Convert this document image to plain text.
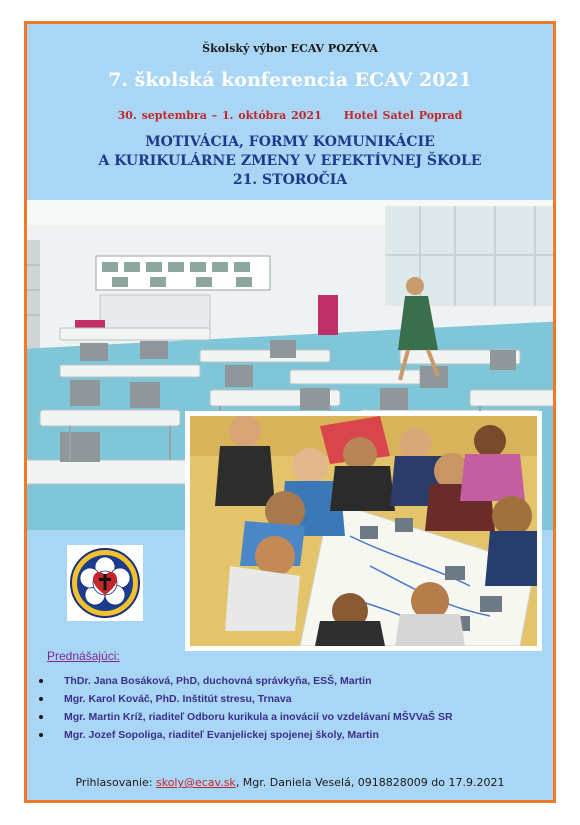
Školský výbor ECAV POZÝVA
7. školská konferencia ECAV 2021
30. septembra – 1. októbra 2021 Hotel Satel Poprad
MOTIVÁCIA, FORMY KOMUNIKÁCIE
A KURIKULÁRNE ZMENY V EFEKTÍVNEJ ŠKOLE
21. STOROČIA
Prednášajúci:
ThDr. Jana Bosáková, PhD, duchovná správkyňa, ESŠ, Martin
Mgr. Karol Kováč, PhD. Inštitút stresu, Trnava
Mgr. Martin Kríž, riaditeľ Odboru kurikula a inovácií vo vzdelávaní MŠVVaŠ SR
Mgr. Jozef Sopoliga, riaditeľ Evanjelickej spojenej školy, Martin
Prihlasovanie: skoly@ecav.sk, Mgr. Daniela Veselá, 0918828009 do 17.9.2021
